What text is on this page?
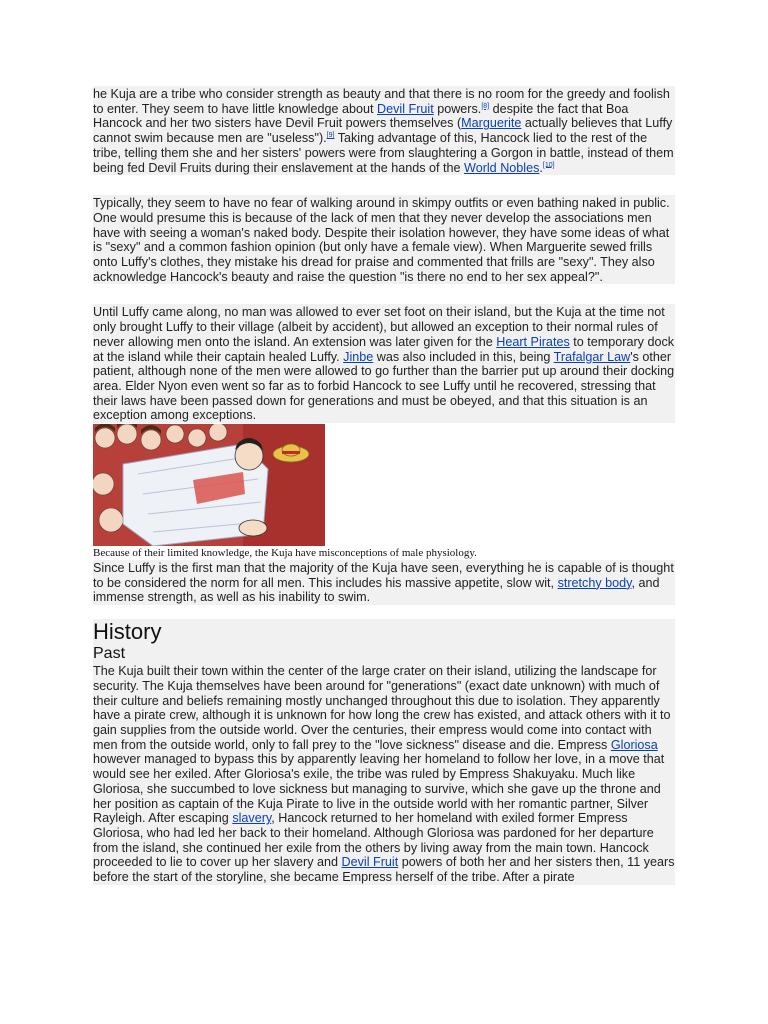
he Kuja are a tribe who consider strength as beauty and that there is no room for the greedy and foolish to enter. They seem to have little knowledge about Devil Fruit powers.[8] despite the fact that Boa Hancock and her two sisters have Devil Fruit powers themselves (Marguerite actually believes that Luffy cannot swim because men are "useless").[9] Taking advantage of this, Hancock lied to the rest of the tribe, telling them she and her sisters' powers were from slaughtering a Gorgon in battle, instead of them being fed Devil Fruits during their enslavement at the hands of the World Nobles.[10]

Typically, they seem to have no fear of walking around in skimpy outfits or even bathing naked in public. One would presume this is because of the lack of men that they never develop the associations men have with seeing a woman's naked body. Despite their isolation however, they have some ideas of what is "sexy" and a common fashion opinion (but only have a female view). When Marguerite sewed frills onto Luffy's clothes, they mistake his dread for praise and commented that frills are "sexy". They also acknowledge Hancock's beauty and raise the question "is there no end to her sex appeal?".

Until Luffy came along, no man was allowed to ever set foot on their island, but the Kuja at the time not only brought Luffy to their village (albeit by accident), but allowed an exception to their normal rules of never allowing men onto the island. An extension was later given for the Heart Pirates to temporary dock at the island while their captain healed Luffy. Jinbe was also included in this, being Trafalgar Law's other patient, although none of the men were allowed to go further than the barrier put up around their docking area. Elder Nyon even went so far as to forbid Hancock to see Luffy until he recovered, stressing that their laws have been passed down for generations and must be obeyed, and that this situation is an exception among exceptions.

Because of their limited knowledge, the Kuja have misconceptions of male physiology.

Since Luffy is the first man that the majority of the Kuja have seen, everything he is capable of is thought to be considered the norm for all men. This includes his massive appetite, slow wit, stretchy body, and immense strength, as well as his inability to swim.

History
Past

The Kuja built their town within the center of the large crater on their island, utilizing the landscape for security. The Kuja themselves have been around for "generations" (exact date unknown) with much of their culture and beliefs remaining mostly unchanged throughout this due to isolation. They apparently have a pirate crew, although it is unknown for how long the crew has existed, and attack others with it to gain supplies from the outside world. Over the centuries, their empress would come into contact with men from the outside world, only to fall prey to the "love sickness" disease and die. Empress Gloriosa however managed to bypass this by apparently leaving her homeland to follow her love, in a move that would see her exiled. After Gloriosa's exile, the tribe was ruled by Empress Shakuyaku. Much like Gloriosa, she succumbed to love sickness but managing to survive, which she gave up the throne and her position as captain of the Kuja Pirate to live in the outside world with her romantic partner, Silver Rayleigh. After escaping slavery, Hancock returned to her homeland with exiled former Empress Gloriosa, who had led her back to their homeland. Although Gloriosa was pardoned for her departure from the island, she continued her exile from the others by living away from the main town. Hancock proceeded to lie to cover up her slavery and Devil Fruit powers of both her and her sisters then, 11 years before the start of the storyline, she became Empress herself of the tribe. After a pirate
